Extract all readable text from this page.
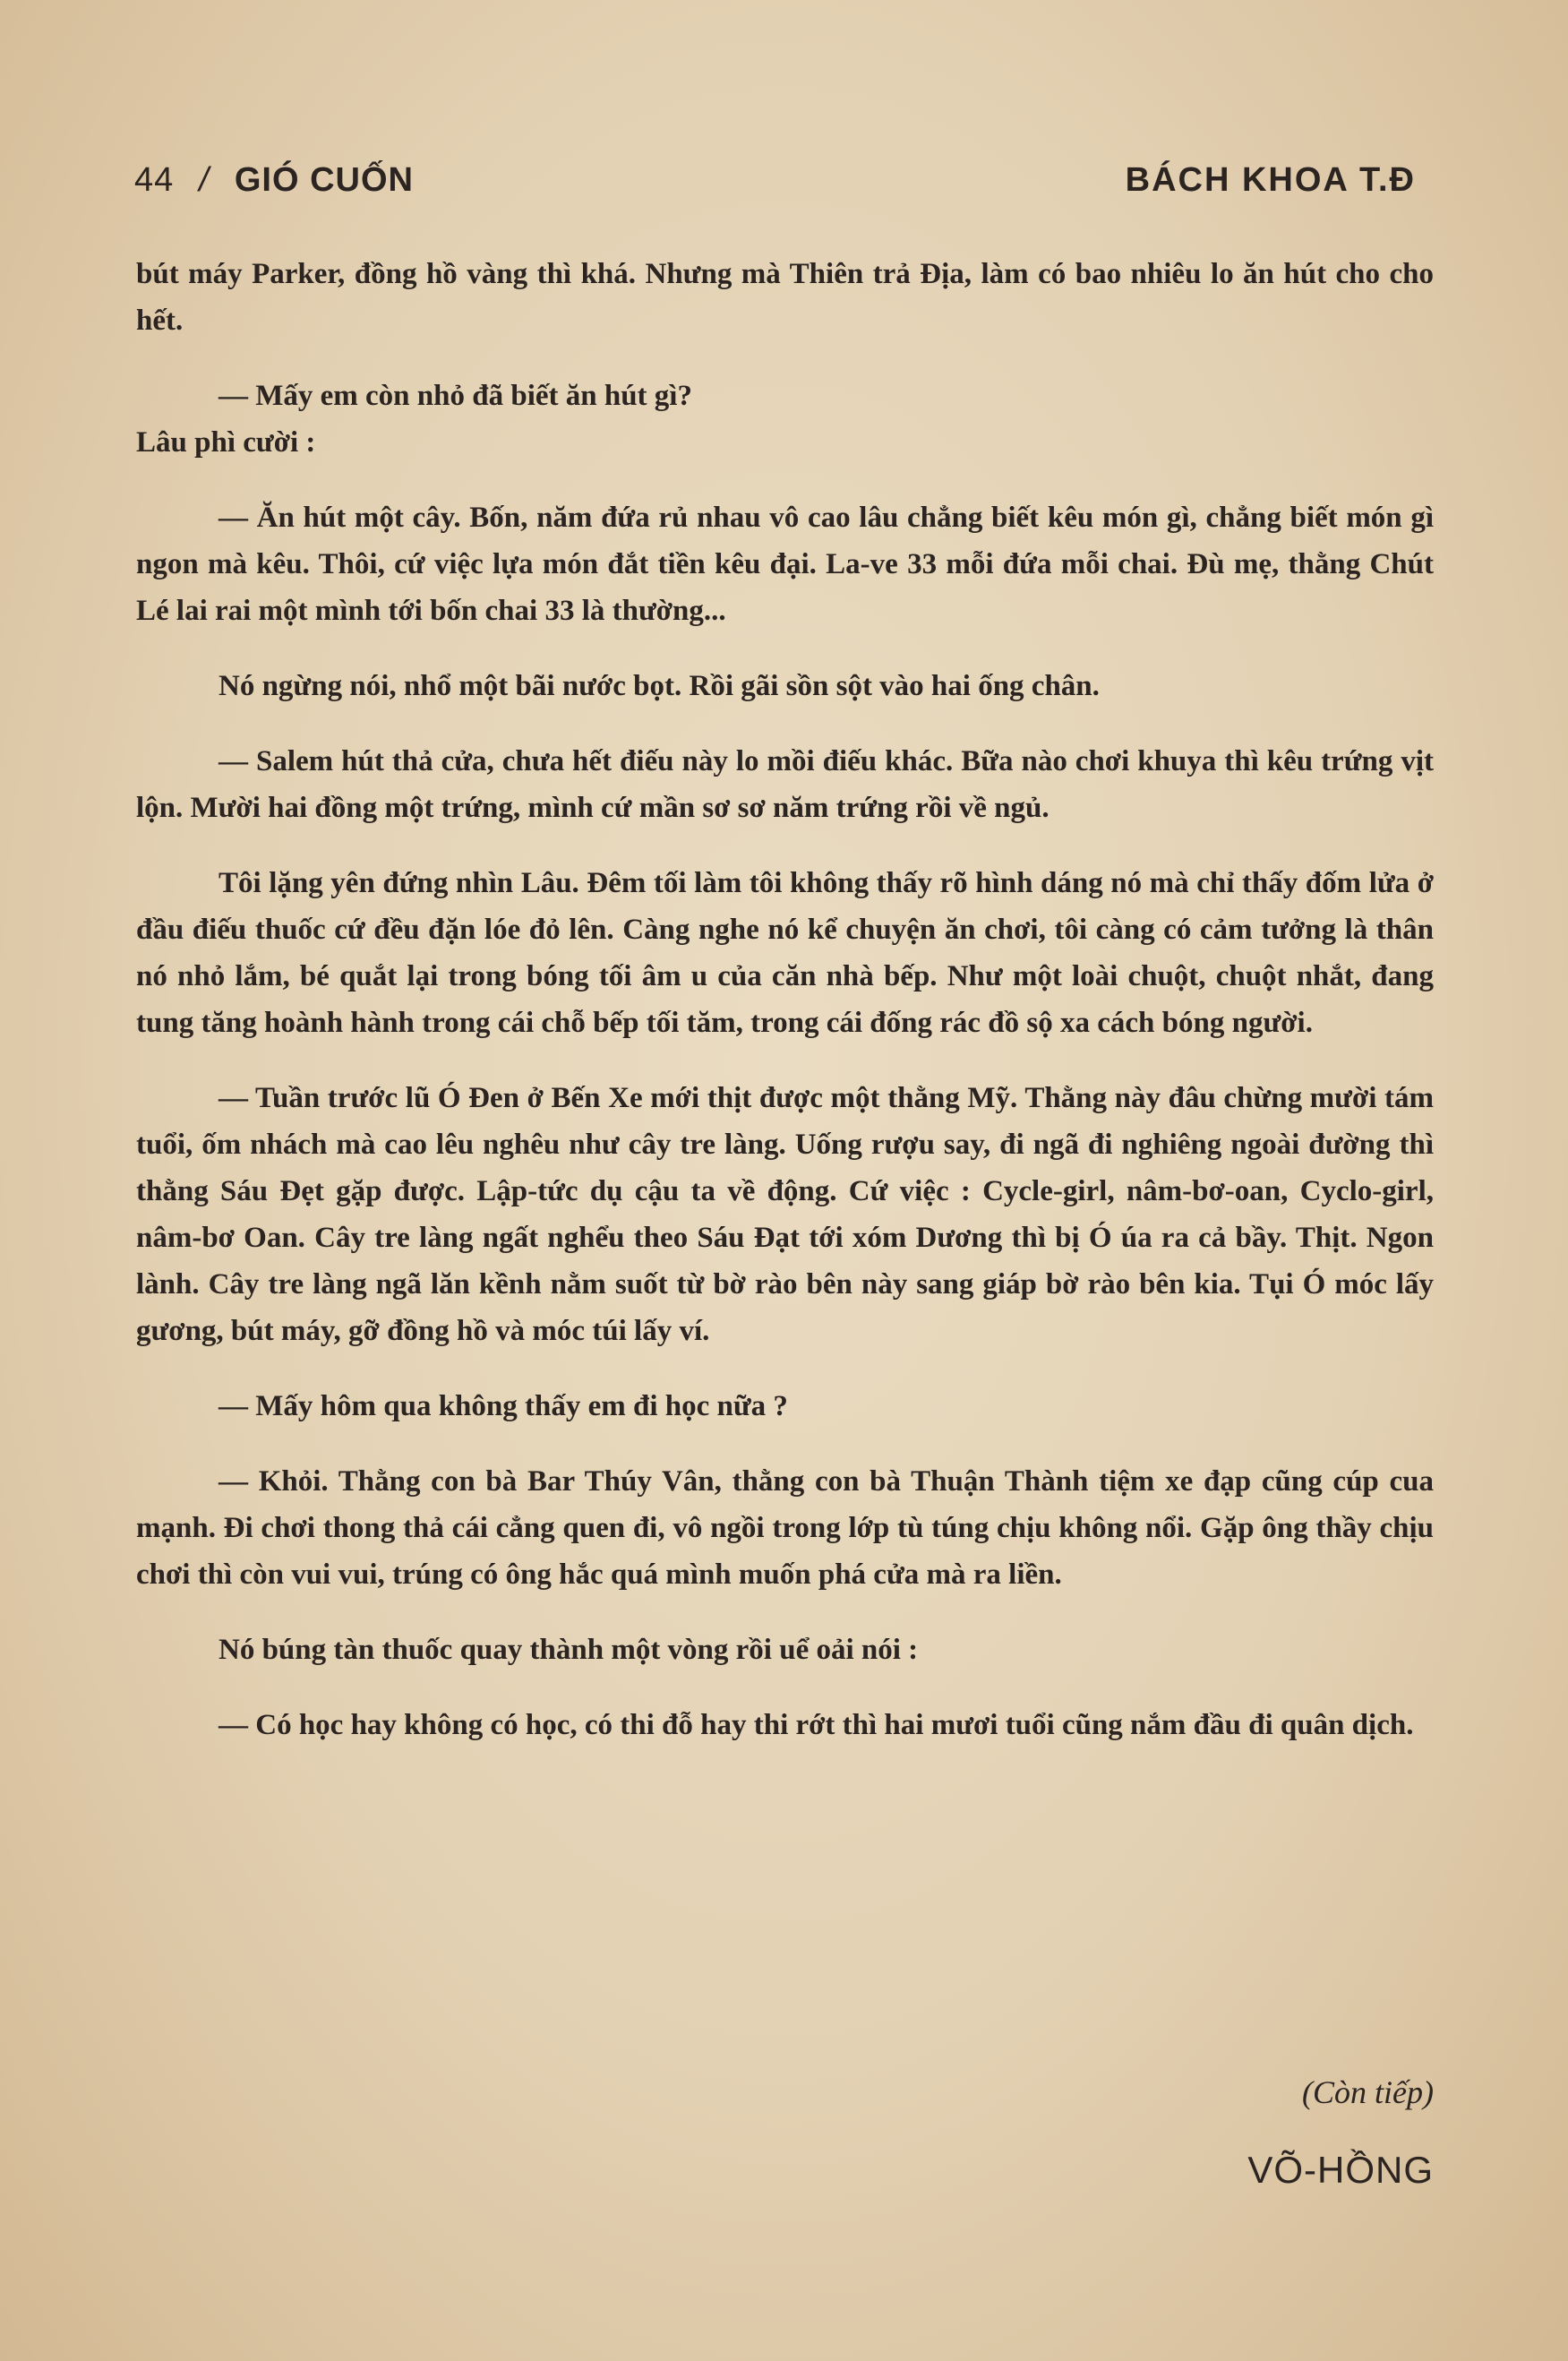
44 / GIÓ CUỐN	BÁCH KHOA T.Đ

bút máy Parker, đồng hồ vàng thì khá. Nhưng mà Thiên trả Địa, làm có bao nhiêu lo ăn hút cho cho hết.

— Mấy em còn nhỏ đã biết ăn hút gì?

Lâu phì cười :

— Ăn hút một cây. Bốn, năm đứa rủ nhau vô cao lâu chẳng biết kêu món gì, chẳng biết món gì ngon mà kêu. Thôi, cứ việc lựa món đắt tiền kêu đại. La-ve 33 mỗi đứa mỗi chai. Đù mẹ, thằng Chút Lé lai rai một mình tới bốn chai 33 là thường...

Nó ngừng nói, nhổ một bãi nước bọt. Rồi gãi sồn sột vào hai ống chân.

— Salem hút thả cửa, chưa hết điếu này lo mồi điếu khác. Bữa nào chơi khuya thì kêu trứng vịt lộn. Mười hai đồng một trứng, mình cứ mần sơ sơ năm trứng rồi về ngủ.

Tôi lặng yên đứng nhìn Lâu. Đêm tối làm tôi không thấy rõ hình dáng nó mà chỉ thấy đốm lửa ở đầu điếu thuốc cứ đều đặn lóe đỏ lên. Càng nghe nó kể chuyện ăn chơi, tôi càng có cảm tưởng là thân nó nhỏ lắm, bé quắt lại trong bóng tối âm u của căn nhà bếp. Như một loài chuột, chuột nhắt, đang tung tăng hoành hành trong cái chỗ bếp tối tăm, trong cái đống rác đồ sộ xa cách bóng người.

— Tuần trước lũ Ó Đen ở Bến Xe mới thịt được một thằng Mỹ. Thằng này đâu chừng mười tám tuổi, ốm nhách mà cao lêu nghêu như cây tre làng. Uống rượu say, đi ngã đi nghiêng ngoài đường thì thằng Sáu Đẹt gặp được. Lập-tức dụ cậu ta về động. Cứ việc : Cycle-girl, nâm-bơ-oan, Cyclo-girl, nâm-bơ Oan. Cây tre làng ngất nghểu theo Sáu Đạt tới xóm Dương thì bị Ó úa ra cả bầy. Thịt. Ngon lành. Cây tre làng ngã lăn kềnh nằm suốt từ bờ rào bên này sang giáp bờ rào bên kia. Tụi Ó móc lấy gương, bút máy, gỡ đồng hồ và móc túi lấy ví.

— Mấy hôm qua không thấy em đi học nữa ?

— Khỏi. Thằng con bà Bar Thúy Vân, thằng con bà Thuận Thành tiệm xe đạp cũng cúp cua mạnh. Đi chơi thong thả cái cẳng quen đi, vô ngồi trong lớp tù túng chịu không nổi. Gặp ông thầy chịu chơi thì còn vui vui, trúng có ông hắc quá mình muốn phá cửa mà ra liền.

Nó búng tàn thuốc quay thành một vòng rồi uể oải nói :

— Có học hay không có học, có thi đỗ hay thi rớt thì hai mươi tuổi cũng nắm đầu đi quân dịch.

(Còn tiếp)
VÕ-HỒNG
